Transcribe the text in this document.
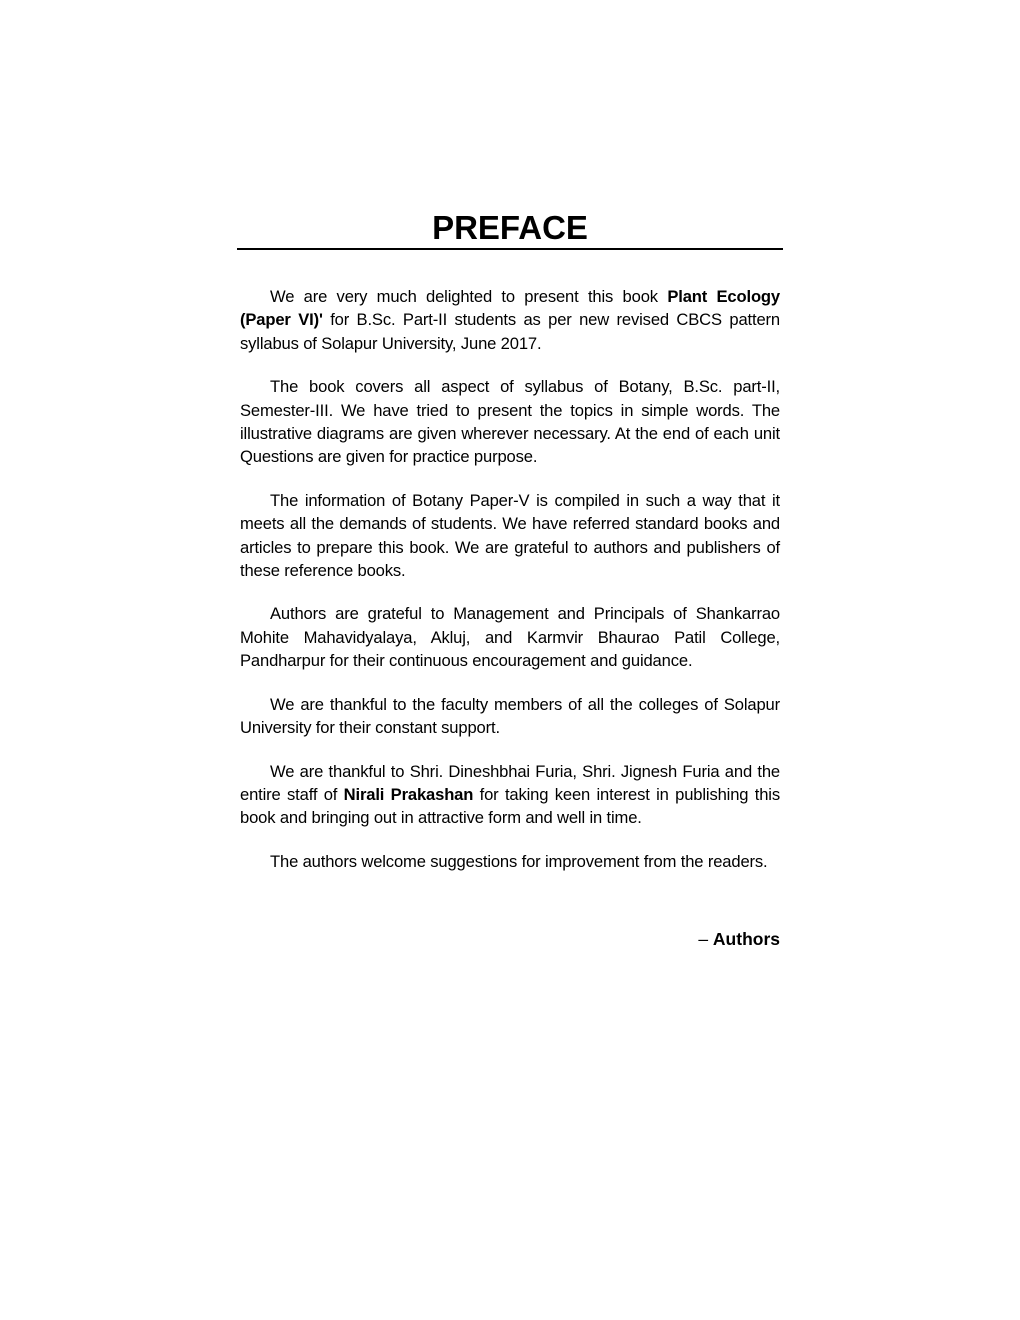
PREFACE

We are very much delighted to present this book Plant Ecology (Paper VI)' for B.Sc. Part-II students as per new revised CBCS pattern syllabus of Solapur University, June 2017.

The book covers all aspect of syllabus of Botany, B.Sc. part-II, Semester-III. We have tried to present the topics in simple words. The illustrative diagrams are given wherever necessary. At the end of each unit Questions are given for practice purpose.

The information of Botany Paper-V is compiled in such a way that it meets all the demands of students. We have referred standard books and articles to prepare this book. We are grateful to authors and publishers of these reference books.

Authors are grateful to Management and Principals of Shankarrao Mohite Mahavidyalaya, Akluj, and Karmvir Bhaurao Patil College, Pandharpur for their continuous encouragement and guidance.

We are thankful to the faculty members of all the colleges of Solapur University for their constant support.

We are thankful to Shri. Dineshbhai Furia, Shri. Jignesh Furia and the entire staff of Nirali Prakashan for taking keen interest in publishing this book and bringing out in attractive form and well in time.

The authors welcome suggestions for improvement from the readers.

– Authors
